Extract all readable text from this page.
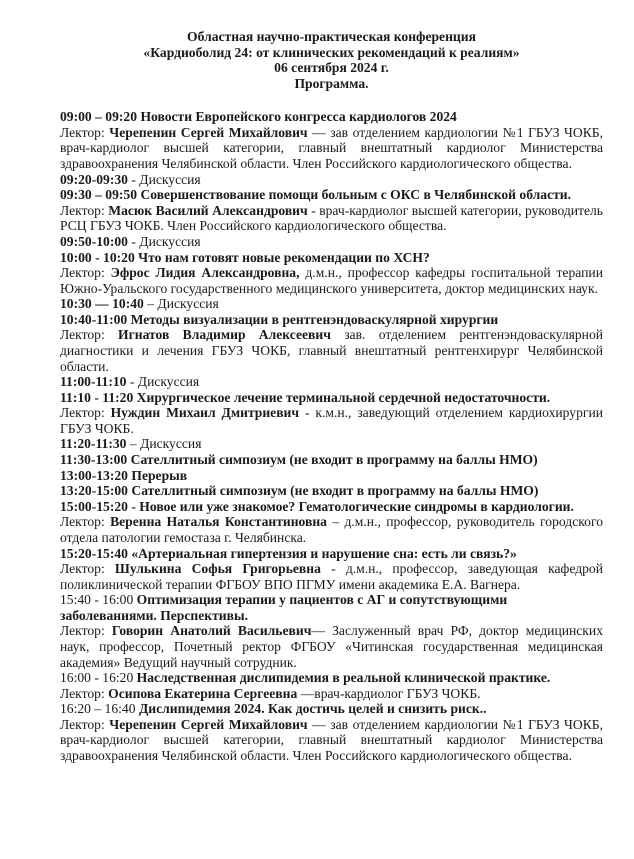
Областная научно-практическая конференция
«Кардиоболид 24: от клинических рекомендаций к реалиям»
06 сентября 2024 г.
Программа.
09:00 – 09:20 Новости Европейского конгресса кардиологов 2024
Лектор: Черепенин Сергей Михайлович — зав отделением кардиологии №1 ГБУЗ ЧОКБ, врач-кардиолог высшей категории, главный внештатный кардиолог Министерства здравоохранения Челябинской области. Член Российского кардиологического общества.
09:20-09:30 - Дискуссия
09:30 – 09:50 Совершенствование помощи больным с ОКС в Челябинской области.
Лектор: Масюк Василий Александрович - врач-кардиолог высшей категории, руководитель РСЦ ГБУЗ ЧОКБ. Член Российского кардиологического общества.
09:50-10:00 - Дискуссия
10:00 - 10:20 Что нам готовят новые рекомендации по ХСН?
Лектор: Эфрос Лидия Александровна, д.м.н., профессор кафедры госпитальной терапии Южно-Уральского государственного медицинского университета, доктор медицинских наук.
10:30 — 10:40 – Дискуссия
10:40-11:00 Методы визуализации в рентгенэндоваскулярной хирургии
Лектор: Игнатов Владимир Алексеевич зав. отделением рентгенэндоваскулярной диагностики и лечения ГБУЗ ЧОКБ, главный внештатный рентгенхирург Челябинской области.
11:00-11:10 - Дискуссия
11:10 - 11:20 Хирургическое лечение терминальной сердечной недостаточности.
Лектор: Нуждин Михаил Дмитриевич - к.м.н., заведующий отделением кардиохирургии ГБУЗ ЧОКБ.
11:20-11:30 – Дискуссия
11:30-13:00 Сателлитный симпозиум (не входит в программу на баллы НМО)
13:00-13:20 Перерыв
13:20-15:00 Сателлитный симпозиум (не входит в программу на баллы НМО)
15:00-15:20 - Новое или уже знакомое? Гематологические синдромы в кардиологии.
Лектор: Веренна Наталья Константиновна – д.м.н., профессор, руководитель городского отдела патологии гемостаза г. Челябинска.
15:20-15:40 «Артериальная гипертензия и нарушение сна: есть ли связь?»
Лектор: Шулькина Софья Григорьевна - д.м.н., профессор, заведующая кафедрой поликлинической терапии ФГБОУ ВПО ПГМУ имени академика Е.А. Вагнера.
15:40 - 16:00 Оптимизация терапии у пациентов с АГ и сопутствующими заболеваниями. Перспективы.
Лектор: Говорин Анатолий Васильевич— Заслуженный врач РФ, доктор медицинских наук, профессор, Почетный ректор ФГБОУ «Читинская государственная медицинская академия» Ведущий научный сотрудник.
16:00 - 16:20 Наследственная дислипидемия в реальной клинической практике.
Лектор: Осипова Екатерина Сергеевна —врач-кардиолог ГБУЗ ЧОКБ.
16:20 – 16:40 Дислипидемия 2024. Как достичь целей и снизить риск..
Лектор: Черепенин Сергей Михайлович — зав отделением кардиологии №1 ГБУЗ ЧОКБ, врач-кардиолог высшей категории, главный внештатный кардиолог Министерства здравоохранения Челябинской области. Член Российского кардиологического общества.
